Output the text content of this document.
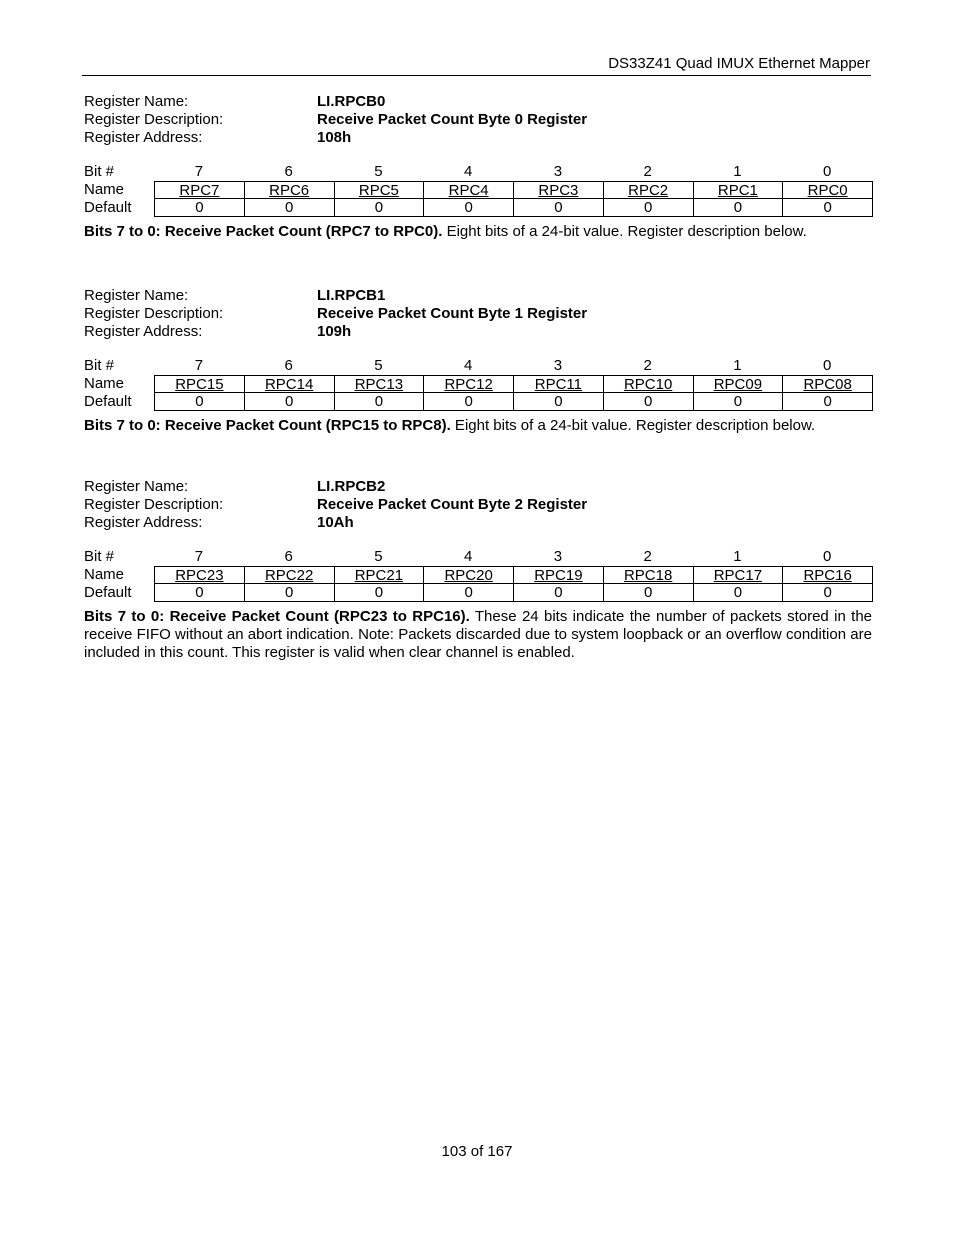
DS33Z41 Quad IMUX Ethernet Mapper
Register Name:	LI.RPCB0
Register Description:	Receive Packet Count Byte 0 Register
Register Address:	108h
Bit #	7	6	5	4	3	2	1	0
Name	RPC7	RPC6	RPC5	RPC4	RPC3	RPC2	RPC1	RPC0
Default	0	0	0	0	0	0	0	0
Bits 7 to 0: Receive Packet Count (RPC7 to RPC0). Eight bits of a 24-bit value. Register description below.
Register Name:	LI.RPCB1
Register Description:	Receive Packet Count Byte 1 Register
Register Address:	109h
Bit #	7	6	5	4	3	2	1	0
Name	RPC15	RPC14	RPC13	RPC12	RPC11	RPC10	RPC09	RPC08
Default	0	0	0	0	0	0	0	0
Bits 7 to 0: Receive Packet Count (RPC15 to RPC8). Eight bits of a 24-bit value. Register description below.
Register Name:	LI.RPCB2
Register Description:	Receive Packet Count Byte 2 Register
Register Address:	10Ah
Bit #	7	6	5	4	3	2	1	0
Name	RPC23	RPC22	RPC21	RPC20	RPC19	RPC18	RPC17	RPC16
Default	0	0	0	0	0	0	0	0
Bits 7 to 0: Receive Packet Count (RPC23 to RPC16). These 24 bits indicate the number of packets stored in the receive FIFO without an abort indication. Note: Packets discarded due to system loopback or an overflow condition are included in this count. This register is valid when clear channel is enabled.
103 of 167
